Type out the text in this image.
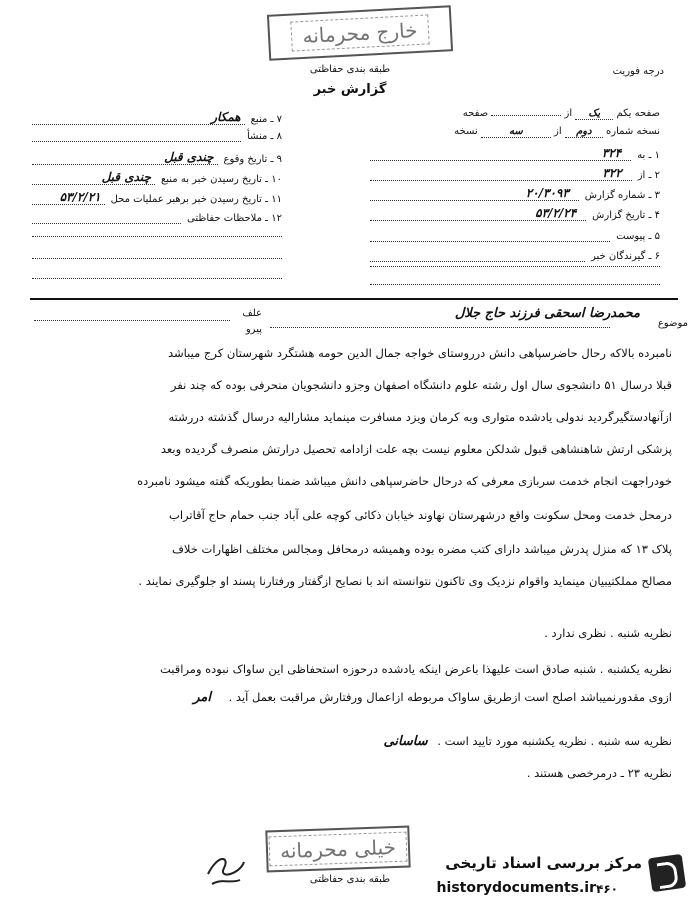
خارج محرمانه
طبقه بندی حفاظتی
گزارش خبر
درجه فوریت
صفحه یکم یک از  صفحه
نسخه شماره دوم از سه نسخه
۱ ـ به
۳۲۴
۲ ـ از
۳۲۲
۳ ـ شماره گزارش
۲۰/۳۰۹۳
۴ ـ تاریخ گزارش
۵۳/۲/۲۴
۵ ـ پیوست
۶ ـ گیرندگان خبر
۷ ـ منبع
همکار
۸ ـ منشأ
۹ ـ تاریخ وقوع
چندی قبل
۱۰ ـ تاریخ رسیدن خبر به منبع
چندی قبل
۱۱ ـ تاریخ رسیدن خبر برهبر عملیات محل
۵۳/۲/۲۱
۱۲ ـ ملاحظات حفاظتی
موضوع
محمدرضا اسحقی فرزند حاج جلال
علف
پیرو
نامبرده بالاکه رحال حاضرسپاهی دانش درروستای خواجه جمال الدین حومه هشتگرد شهرستان کرج میباشد
قبلا درسال ۵۱ دانشجوی سال اول رشته علوم دانشگاه اصفهان وجزو دانشجویان منحرفی بوده که چند نفر
ازآنهادستگیرگردید ندولی یادشده متواری وبه کرمان ویزد مسافرت مینماید مشارالیه درسال گذشته دررشته
پزشکی ارتش شاهنشاهی قبول شدلکن معلوم نیست بچه علت ازادامه تحصیل درارتش منصرف گردیده وبعد
خودراجهت انجام خدمت سربازی معرفی که درحال حاضرسپاهی دانش میباشد ضمنا بطوریکه گفته میشود نامبرده
درمحل خدمت ومحل سکونت واقع درشهرستان نهاوند خیابان ذکائی کوچه علی آباد جنب حمام حاج آقاتراب
پلاک ۱۳ که منزل پدرش میباشد دارای کتب مضره بوده وهمیشه درمحافل ومجالس مختلف اظهارات خلاف
مصالح مملکتیبیان مینماید واقوام نزدیک وی تاکنون نتوانسته اند با نصایح ازگفتار ورفتارنا پسند او جلوگیری نمایند .
نظریه شنبه . نظری ندارد .
نظریه یکشنبه . شنبه صادق است علیهذا باعرض اینکه یادشده درحوزه استحفاظی این ساواک نبوده ومراقبت
ازوی مقدورنمیباشد اصلح است ازطریق ساواک مربوطه ازاعمال ورفتارش مراقبت بعمل آید . امر
نظریه سه شنبه . نظریه یکشنبه مورد تایید است . ساسانی
نظریه ۲۳ ـ درمرخصی هستند .
خیلی محرمانه
طبقه بندی حفاظتی
مرکز بررسی اسناد تاریخی
historydocuments.ir ۴۶۰
